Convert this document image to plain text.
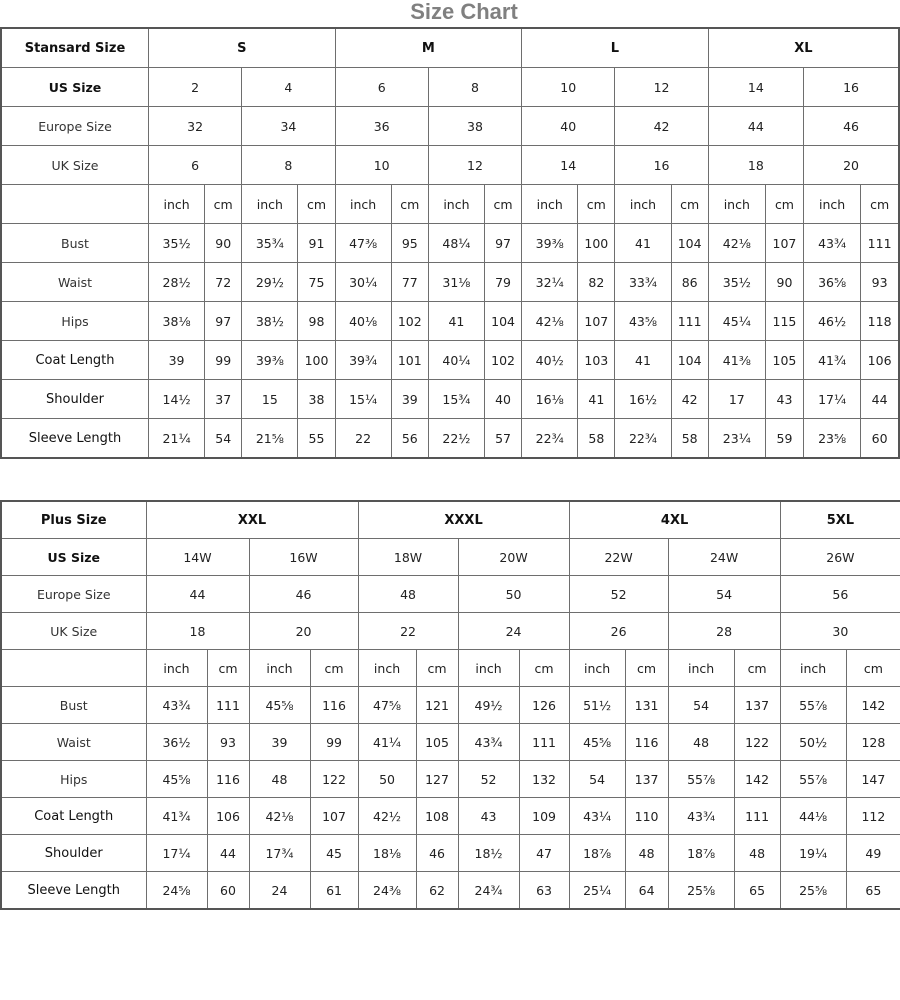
Size Chart
Stansard Size	S				M				L				XL			
US Size	2		4		6		8		10		12		14		16	
Europe Size	32		34		36		38		40		42		44		46	
UK Size	6		8		10		12		14		16		18		20	
	inch	cm	inch	cm	inch	cm	inch	cm	inch	cm	inch	cm	inch	cm	inch	cm
Bust	35½	90	35¾	91	47⅜	95	48¼	97	39⅜	100	41	104	42⅛	107	43¾	111
Waist	28½	72	29½	75	30¼	77	31⅛	79	32¼	82	33¾	86	35½	90	36⅝	93
Hips	38⅛	97	38½	98	40⅛	102	41	104	42⅛	107	43⅝	111	45¼	115	46½	118
Coat Length	39	99	39⅜	100	39¾	101	40¼	102	40½	103	41	104	41⅜	105	41¾	106
Shoulder	14½	37	15	38	15¼	39	15¾	40	16⅛	41	16½	42	17	43	17¼	44
Sleeve Length	21¼	54	21⅝	55	22	56	22½	57	22¾	58	22¾	58	23¼	59	23⅝	60
Plus Size	XXL				XXXL				4XL				5XL	
US Size	14W		16W		18W		20W		22W		24W		26W	
Europe Size	44		46		48		50		52		54		56	
UK Size	18		20		22		24		26		28		30	
	inch	cm	inch	cm	inch	cm	inch	cm	inch	cm	inch	cm	inch	cm
Bust	43¾	111	45⅝	116	47⅝	121	49½	126	51½	131	54	137	55⅞	142
Waist	36½	93	39	99	41¼	105	43¾	111	45⅝	116	48	122	50½	128
Hips	45⅝	116	48	122	50	127	52	132	54	137	55⅞	142	55⅞	147
Coat Length	41¾	106	42⅛	107	42½	108	43	109	43¼	110	43¾	111	44⅛	112
Shoulder	17¼	44	17¾	45	18⅛	46	18½	47	18⅞	48	18⅞	48	19¼	49
Sleeve Length	24⅝	60	24	61	24⅜	62	24¾	63	25¼	64	25⅝	65	25⅝	65
